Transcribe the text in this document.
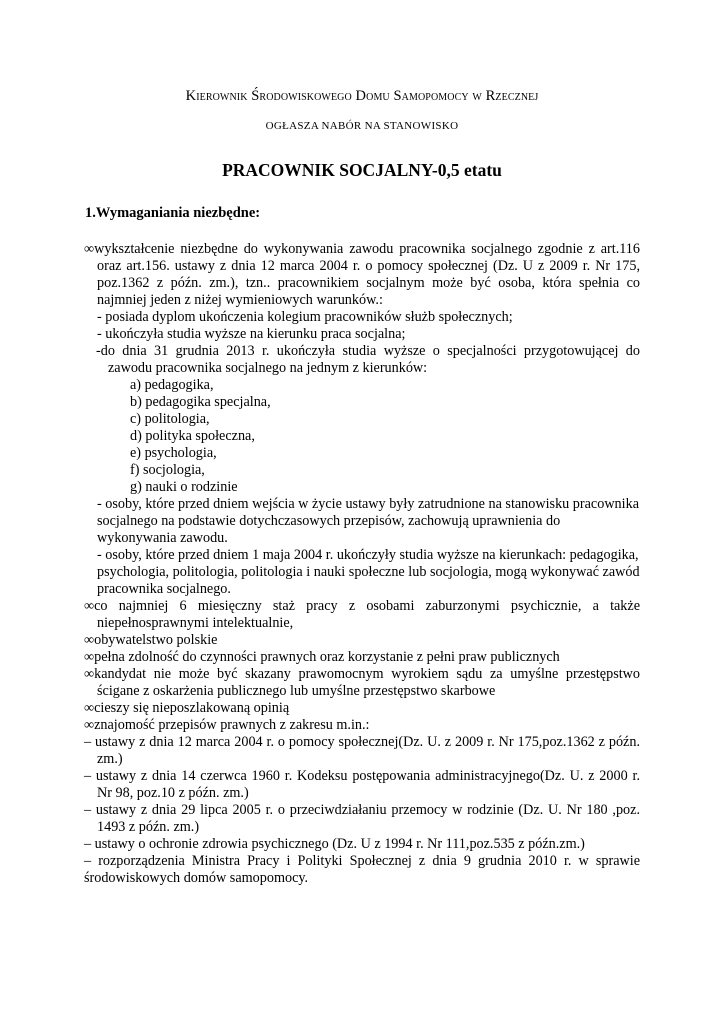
Kierownik Środowiskowego Domu Samopomocy w Rzecznej
OGŁASZA NABÓR NA STANOWISKO
PRACOWNIK SOCJALNY-0,5 etatu
1.Wymaganiania niezbędne:
∞wykształcenie niezbędne do wykonywania zawodu pracownika socjalnego zgodnie z art.116 oraz art.156. ustawy z dnia 12 marca 2004 r. o pomocy społecznej (Dz. U z 2009 r. Nr 175, poz.1362 z późn. zm.), tzn.. pracownikiem socjalnym może być osoba, która spełnia co najmniej jeden z niżej wymieniowych warunków.:
- posiada dyplom ukończenia kolegium pracowników służb społecznych;
- ukończyła studia wyższe na kierunku praca socjalna;
-do dnia 31 grudnia 2013 r. ukończyła studia wyższe o specjalności przygotowującej do zawodu pracownika socjalnego na jednym z kierunków:
a) pedagogika,
b) pedagogika specjalna,
c) politologia,
d) polityka społeczna,
e) psychologia,
f) socjologia,
g) nauki o rodzinie
- osoby, które przed dniem wejścia w życie ustawy były zatrudnione na stanowisku pracownika socjalnego na podstawie dotychczasowych przepisów, zachowują uprawnienia do wykonywania zawodu.
- osoby, które przed dniem 1 maja 2004 r. ukończyły studia wyższe na kierunkach: pedagogika, psychologia, politologia, politologia i nauki społeczne lub socjologia, mogą wykonywać zawód pracownika socjalnego.
∞co najmniej 6 miesięczny staż pracy z osobami zaburzonymi psychicznie, a także niepełnosprawnymi intelektualnie,
∞obywatelstwo polskie
∞pełna zdolność do czynności prawnych oraz korzystanie z pełni praw publicznych
∞kandydat nie może być skazany prawomocnym wyrokiem sądu za umyślne przestępstwo ścigane z oskarżenia publicznego lub umyślne przestępstwo skarbowe
∞cieszy się nieposzlakowaną opinią
∞znajomość przepisów prawnych z zakresu m.in.:
– ustawy z dnia 12 marca 2004 r. o pomocy społecznej(Dz. U. z 2009 r. Nr 175,poz.1362 z późn. zm.)
– ustawy z dnia 14 czerwca 1960 r. Kodeksu postępowania administracyjnego(Dz. U. z 2000 r. Nr 98, poz.10 z późn. zm.)
– ustawy z dnia 29 lipca 2005 r. o przeciwdziałaniu przemocy w rodzinie (Dz. U. Nr 180 ,poz. 1493 z późn. zm.)
– ustawy o ochronie zdrowia psychicznego (Dz. U z 1994 r. Nr 111,poz.535 z późn.zm.)
– rozporządzenia Ministra Pracy i Polityki Społecznej z dnia 9 grudnia 2010 r. w sprawie środowiskowych domów samopomocy.
